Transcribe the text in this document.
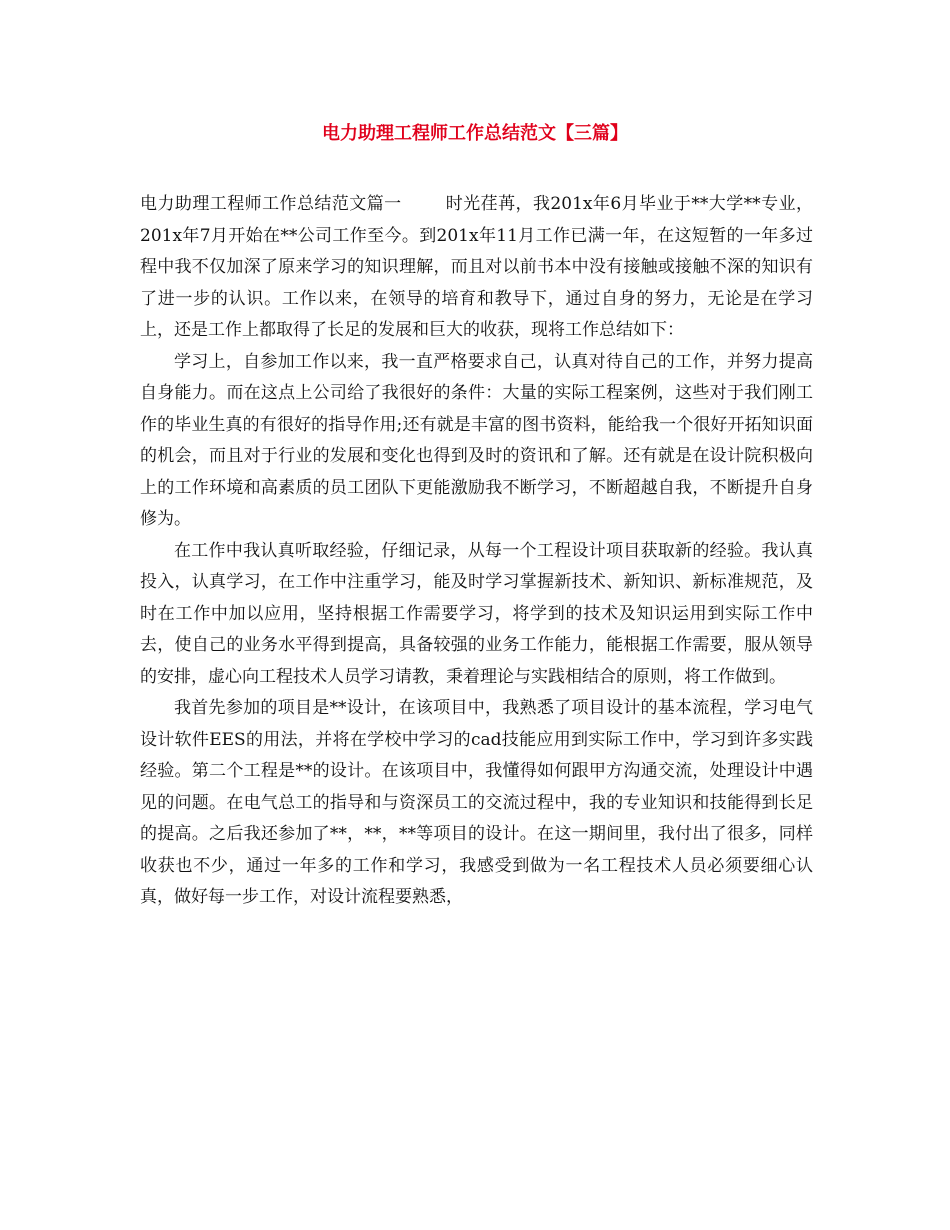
电力助理工程师工作总结范文【三篇】

电力助理工程师工作总结范文篇一	时光荏苒，我201x年6月毕业于**大学**专业，201x年7月开始在**公司工作至今。到201x年11月工作已满一年，在这短暂的一年多过程中我不仅加深了原来学习的知识理解，而且对以前书本中没有接触或接触不深的知识有了进一步的认识。工作以来，在领导的培育和教导下，通过自身的努力，无论是在学习上，还是工作上都取得了长足的发展和巨大的收获，现将工作总结如下：

学习上，自参加工作以来，我一直严格要求自己，认真对待自己的工作，并努力提高自身能力。而在这点上公司给了我很好的条件：大量的实际工程案例，这些对于我们刚工作的毕业生真的有很好的指导作用;还有就是丰富的图书资料，能给我一个很好开拓知识面的机会，而且对于行业的发展和变化也得到及时的资讯和了解。还有就是在设计院积极向上的工作环境和高素质的员工团队下更能激励我不断学习，不断超越自我，不断提升自身修为。

在工作中我认真听取经验，仔细记录，从每一个工程设计项目获取新的经验。我认真投入，认真学习，在工作中注重学习，能及时学习掌握新技术、新知识、新标准规范，及时在工作中加以应用，坚持根据工作需要学习，将学到的技术及知识运用到实际工作中去，使自己的业务水平得到提高，具备较强的业务工作能力，能根据工作需要，服从领导的安排，虚心向工程技术人员学习请教，秉着理论与实践相结合的原则，将工作做到。

我首先参加的项目是**设计，在该项目中，我熟悉了项目设计的基本流程，学习电气设计软件EES的用法，并将在学校中学习的cad技能应用到实际工作中，学习到许多实践经验。第二个工程是**的设计。在该项目中，我懂得如何跟甲方沟通交流，处理设计中遇见的问题。在电气总工的指导和与资深员工的交流过程中，我的专业知识和技能得到长足的提高。之后我还参加了**，**，**等项目的设计。在这一期间里，我付出了很多，同样收获也不少，通过一年多的工作和学习，我感受到做为一名工程技术人员必须要细心认真，做好每一步工作，对设计流程要熟悉，
